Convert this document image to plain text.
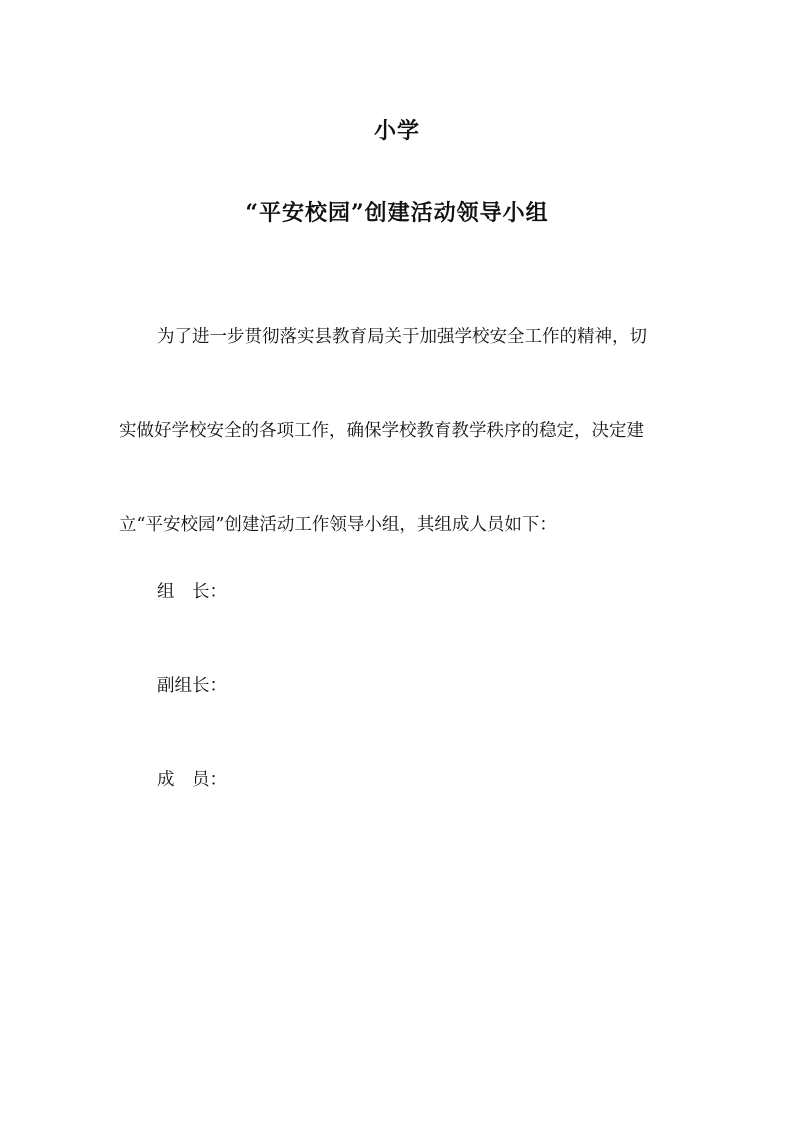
小学
“平安校园”创建活动领导小组
为了进一步贯彻落实县教育局关于加强学校安全工作的精神，切
实做好学校安全的各项工作，确保学校教育教学秩序的稳定，决定建
立“平安校园”创建活动工作领导小组，其组成人员如下：
组　长：
副组长：
成　员：
